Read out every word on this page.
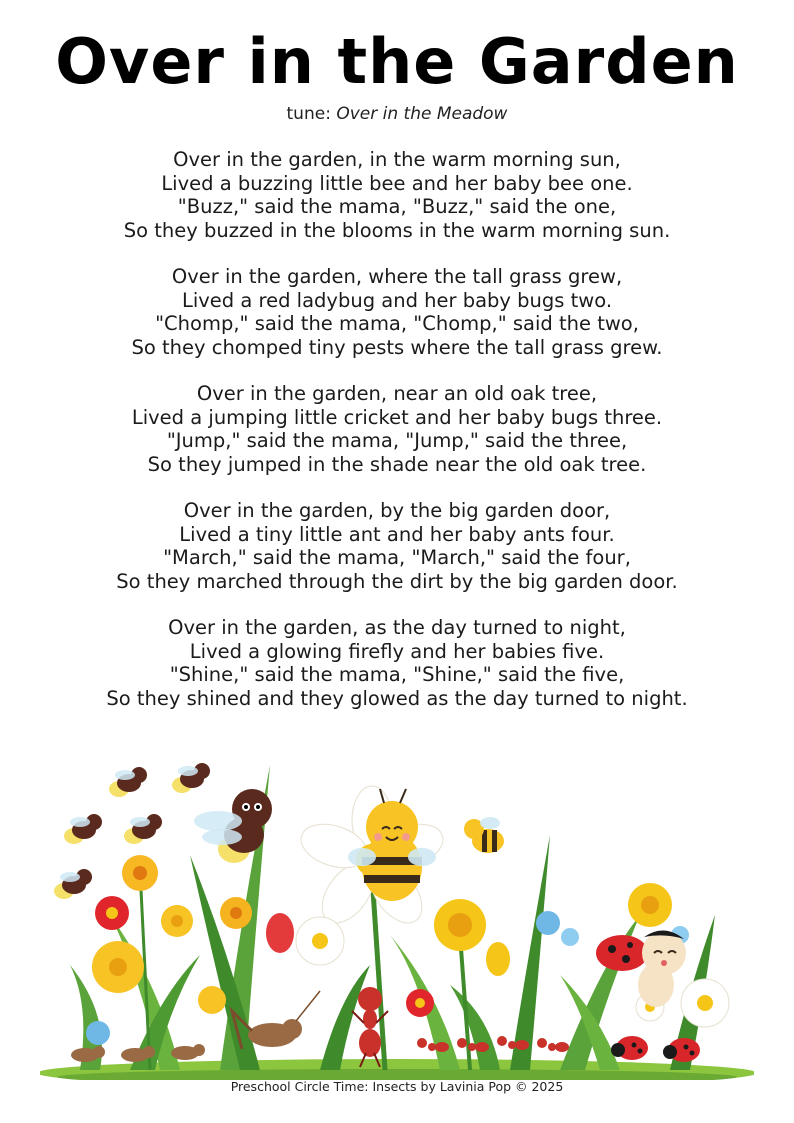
Over in the Garden
tune: Over in the Meadow
Over in the garden, in the warm morning sun,
Lived a buzzing little bee and her baby bee one.
"Buzz," said the mama, "Buzz," said the one,
So they buzzed in the blooms in the warm morning sun.
Over in the garden, where the tall grass grew,
Lived a red ladybug and her baby bugs two.
"Chomp," said the mama, "Chomp," said the two,
So they chomped tiny pests where the tall grass grew.
Over in the garden, near an old oak tree,
Lived a jumping little cricket and her baby bugs three.
"Jump," said the mama, "Jump," said the three,
So they jumped in the shade near the old oak tree.
Over in the garden, by the big garden door,
Lived a tiny little ant and her baby ants four.
"March," said the mama, "March," said the four,
So they marched through the dirt by the big garden door.
Over in the garden, as the day turned to night,
Lived a glowing firefly and her babies five.
"Shine," said the mama, "Shine," said the five,
So they shined and they glowed as the day turned to night.
Preschool Circle Time: Insects by Lavinia Pop © 2025
